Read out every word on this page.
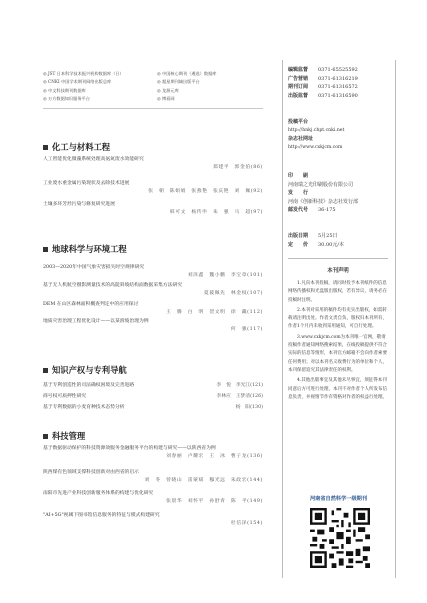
◎ JST 日本科学技术振兴机构数据库（日）	◎ 中国核心期刊（遴选）数据库
◎ CNKI 中国学术期刊网络出版总库	◎ 超星期刊域出版平台
◎ 中文科技期刊数据库	◎ 龙源元库
◎ 万方数据知识服务平台	◎ 博看网
化工与材料工程
人工智能优化微藻系统处理高氨氮废水效能研究
郑建平　郭金伯(86)
工业废水重金属污染现状及去除技术进展
张　朝　陈娟娟　张燕艳　张庆艳　刘　佩(92)
土壤多环芳烃污染与修复研究进展
韩可文　杨传申　朱　强　马　超(97)
地球科学与环境工程
2003—2020年中国气象灾害损失时空规律研究
刘泽鑫　魏小鹏　李宝章(101)
基于无人机航空摄影测量技术的高陡斜坡结构面数据采集方法研究
夏筱佩先　林金权(107)
DEM 在山区森林面积概查判定中的应用探讨
王　腾　白　明　贺文明　徐　藏(112)
地质灾害治理工程优化设计——以某滑坡治理为例
何　强(117)
知识产权与专利导航
基于专利创造性的司法确权困境及完善进路	李　悦　李光江(121)
商号权可质押性研究	李林应　王梦清(126)
基于专利数据的小麦育种技术态势分析	杨　阳(130)
科技管理
基于数据驱动保护的科技资源效服务金融服务平台的构建与研究——以陕西省为例
刘春丽　卢耀宏　王　冰　曹子龙(136)
陕西煤有色领域支撑科技创新对由西省的启示
刘　冬　曾晓山　雷蒙斌　穆光远　朱政宏(144)
南阳市先进产业科技创新服务体系的构建与优化研究
张晨华　刘怀平　孙舒青　陈　平(149)
"AI+5G"视阈下图书馆信息服务的特征与模式构建研究
杜信泽(154)
编辑监督	0371-65525592
广告营销	0371-61316219
期刊订阅	0371-61316572
出版监督	0371-61316590
投稿平台
http://hnkj.chpt.cnki.net
杂志社网址
http://www.cxkjcm.com
印　　刷
河南瑞之光印刷股份有限公司
发　　行
河南《创新科技》杂志社发行部
邮发代号	36-175
出版日期	5月25日
定　　价	30.00元/本
本刊声明
1.凡向本刊投稿，请同时投予本刊纸件的信息网络传播权和光盘版出版权，若有异议，请务必在投稿时注明。
2.本刊对采用的稿件均有史实出版权，如需转载请注明出处。作者文责自负，版权归本刊所有，作者1个月内未收到采用通知，可自行处理。
3.www.cxkjcm.com为本刊唯一官网，敬请投稿作者通知网络搜索结果，在线投稿提供不符合实际的信息等情形，本刊官方邮箱不会向作者索要任何费用；对以本刊名义收费行为的单位和个人，本刊保留追究其法律责任的权利。
4.其他出版事宜及其他未尽事宜，须征得本刊同意后方可进行处理，本刊不对作者个人所发布信息负责，并视情节作有资格对作者的权益行处理。
河南省自然科学一级期刊
